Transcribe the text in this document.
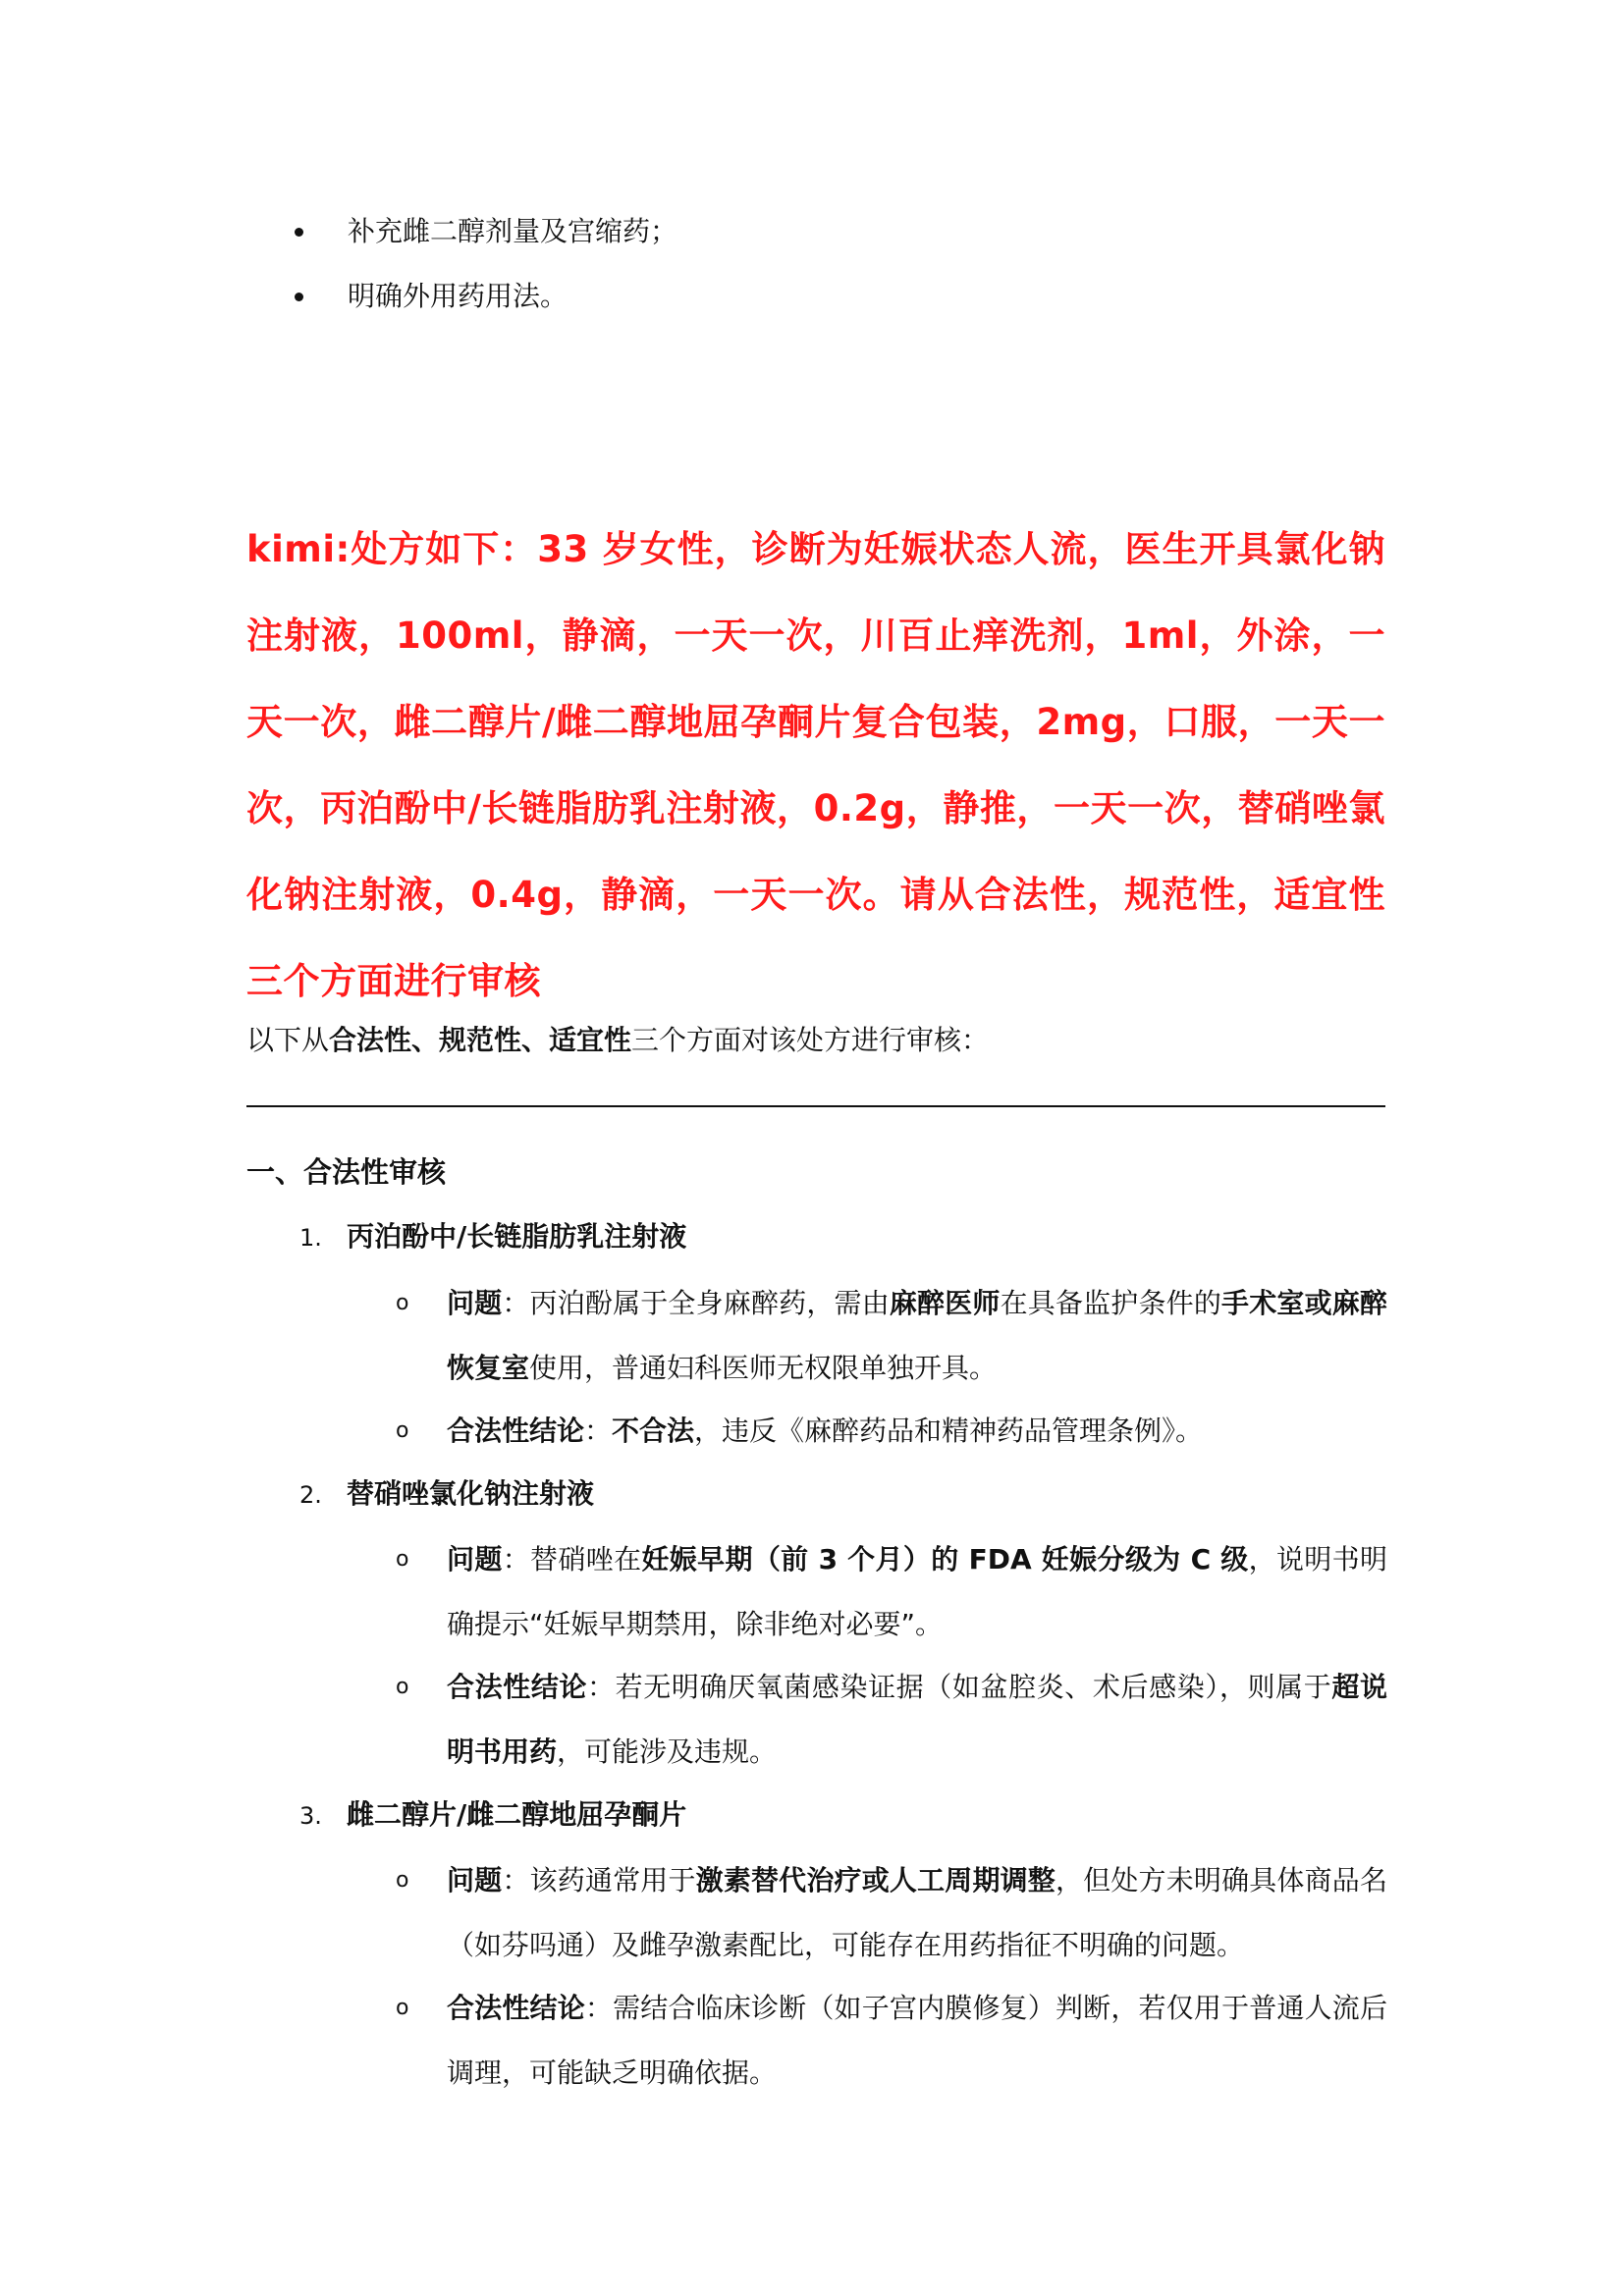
补充雌二醇剂量及宫缩药；
明确外用药用法。
kimi:处方如下：33 岁女性，诊断为妊娠状态人流，医生开具氯化钠注射液，100ml，静滴，一天一次，川百止痒洗剂，1ml，外涂，一天一次，雌二醇片/雌二醇地屈孕酮片复合包装，2mg，口服，一天一次，丙泊酚中/长链脂肪乳注射液，0.2g，静推，一天一次，替硝唑氯化钠注射液，0.4g，静滴，一天一次。请从合法性，规范性，适宜性三个方面进行审核
以下从合法性、规范性、适宜性三个方面对该处方进行审核：
一、合法性审核
1. 丙泊酚中/长链脂肪乳注射液
o 问题：丙泊酚属于全身麻醉药，需由麻醉医师在具备监护条件的手术室或麻醉恢复室使用，普通妇科医师无权限单独开具。
o 合法性结论：不合法，违反《麻醉药品和精神药品管理条例》。
2. 替硝唑氯化钠注射液
o 问题：替硝唑在妊娠早期（前 3 个月）的 FDA 妊娠分级为 C 级，说明书明确提示“妊娠早期禁用，除非绝对必要”。
o 合法性结论：若无明确厌氧菌感染证据（如盆腔炎、术后感染），则属于超说明书用药，可能涉及违规。
3. 雌二醇片/雌二醇地屈孕酮片
o 问题：该药通常用于激素替代治疗或人工周期调整，但处方未明确具体商品名（如芬吗通）及雌孕激素配比，可能存在用药指征不明确的问题。
o 合法性结论：需结合临床诊断（如子宫内膜修复）判断，若仅用于普通人流后调理，可能缺乏明确依据。
